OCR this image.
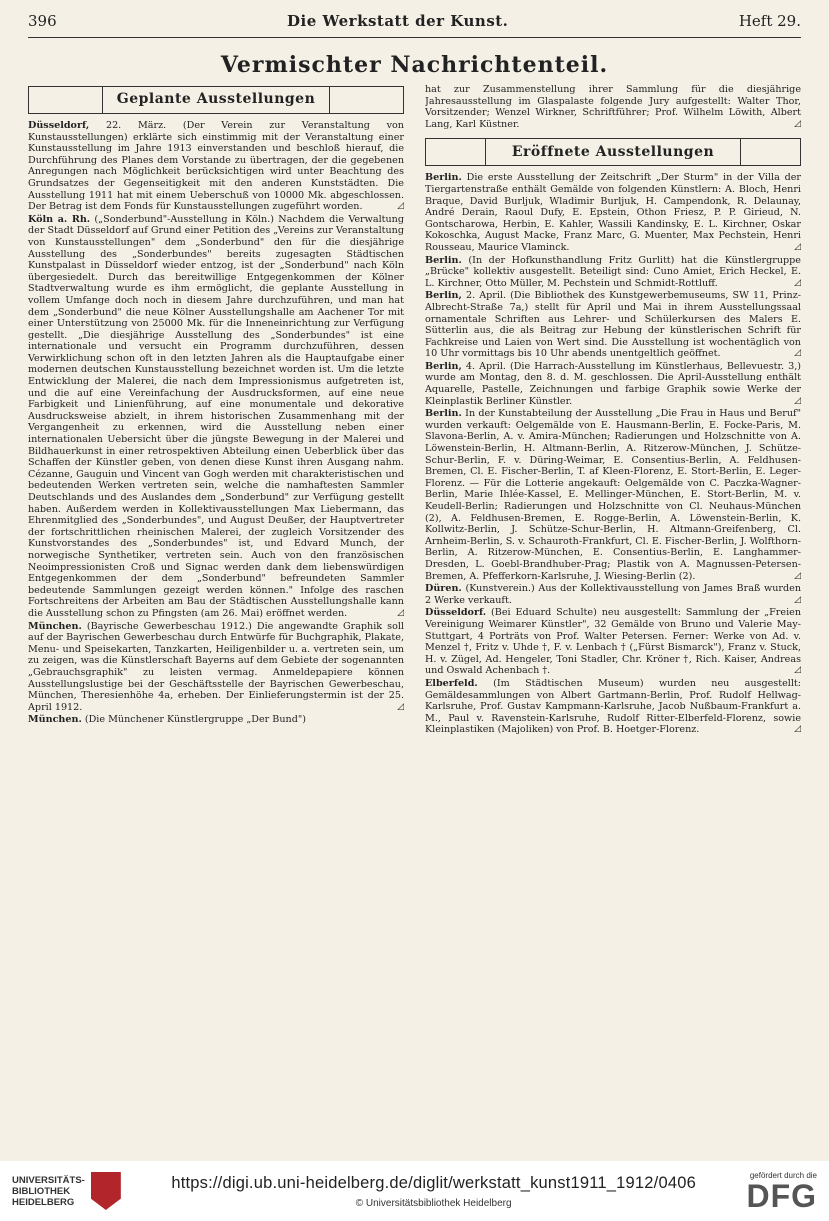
396	Die Werkstatt der Kunst.	Heft 29.
Vermischter Nachrichtenteil.
Geplante Ausstellungen
Düsseldorf, 22. März. (Der Verein zur Veranstaltung von Kunstausstellungen) erklärte sich einstimmig mit der Veranstaltung einer Kunstausstellung im Jahre 1913 einverstanden und beschloß hierauf, die Durchführung des Planes dem Vorstande zu übertragen, der die gegebenen Anregungen nach Möglichkeit berücksichtigen wird unter Beachtung des Grundsatzes der Gegenseitigkeit mit den anderen Kunststädten. Die Ausstellung 1911 hat mit einem Ueberschuß von 10000 Mk. abgeschlossen. Der Betrag ist dem Fonds für Kunstausstellungen zugeführt worden.	◿
Köln a. Rh. („Sonderbund"-Ausstellung in Köln.) Nachdem die Verwaltung der Stadt Düsseldorf auf Grund einer Petition des „Vereins zur Veranstaltung von Kunstausstellungen" dem „Sonderbund" den für die diesjährige Ausstellung des „Sonderbundes" bereits zugesagten Städtischen Kunstpalast in Düsseldorf wieder entzog, ist der „Sonderbund" nach Köln übergesiedelt. Durch das bereitwillige Entgegenkommen der Kölner Stadtverwaltung wurde es ihm ermöglicht, die geplante Ausstellung in vollem Umfange doch noch in diesem Jahre durchzuführen, und man hat dem „Sonderbund" die neue Kölner Ausstellungshalle am Aachener Tor mit einer Unterstützung von 25000 Mk. für die Inneneinrichtung zur Verfügung gestellt. „Die diesjährige Ausstellung des „Sonderbundes" ist eine internationale und versucht ein Programm durchzuführen, dessen Verwirklichung schon oft in den letzten Jahren als die Hauptaufgabe einer modernen deutschen Kunstausstellung bezeichnet worden ist. Um die letzte Entwicklung der Malerei, die nach dem Impressionismus aufgetreten ist, und die auf eine Vereinfachung der Ausdrucksformen, auf eine neue Farbigkeit und Linienführung, auf eine monumentale und dekorative Ausdrucksweise abzielt, in ihrem historischen Zusammenhang mit der Vergangenheit zu erkennen, wird die Ausstellung neben einer internationalen Uebersicht über die jüngste Bewegung in der Malerei und Bildhauerkunst in einer retrospektiven Abteilung einen Ueberblick über das Schaffen der Künstler geben, von denen diese Kunst ihren Ausgang nahm. Cézanne, Gauguin und Vincent van Gogh werden mit charakteristischen und bedeutenden Werken vertreten sein, welche die namhaftesten Sammler Deutschlands und des Auslandes dem „Sonderbund" zur Verfügung gestellt haben. Außerdem werden in Kollektivausstellungen Max Liebermann, das Ehrenmitglied des „Sonderbundes", und August Deußer, der Hauptvertreter der fortschrittlichen rheinischen Malerei, der zugleich Vorsitzender des Kunstvorstandes des „Sonderbundes" ist, und Edvard Munch, der norwegische Synthetiker, vertreten sein. Auch von den französischen Neoimpressionisten Croß und Signac werden dank dem liebenswürdigen Entgegenkommen der dem „Sonderbund" befreundeten Sammler bedeutende Sammlungen gezeigt werden können." Infolge des raschen Fortschreitens der Arbeiten am Bau der Städtischen Ausstellungshalle kann die Ausstellung schon zu Pfingsten (am 26. Mai) eröffnet werden.	◿
München. (Bayrische Gewerbeschau 1912.) Die angewandte Graphik soll auf der Bayrischen Gewerbeschau durch Entwürfe für Buchgraphik, Plakate, Menu- und Speisekarten, Tanzkarten, Heiligenbilder u. a. vertreten sein, um zu zeigen, was die Künstlerschaft Bayerns auf dem Gebiete der sogenannten „Gebrauchsgraphik" zu leisten vermag. Anmeldepapiere können Ausstellungslustige bei der Geschäftsstelle der Bayrischen Gewerbeschau, München, Theresienhöhe 4a, erheben. Der Einlieferungstermin ist der 25. April 1912.	◿
München. (Die Münchener Künstlergruppe „Der Bund")
hat zur Zusammenstellung ihrer Sammlung für die diesjährige Jahresausstellung im Glaspalaste folgende Jury aufgestellt: Walter Thor, Vorsitzender; Wenzel Wirkner, Schriftführer; Prof. Wilhelm Löwith, Albert Lang, Karl Küstner.	◿
Eröffnete Ausstellungen
Berlin. Die erste Ausstellung der Zeitschrift „Der Sturm" in der Villa der Tiergartenstraße enthält Gemälde von folgenden Künstlern: A. Bloch, Henri Braque, David Burljuk, Wladimir Burljuk, H. Campendonk, R. Delaunay, André Derain, Raoul Dufy, E. Epstein, Othon Friesz, P. P. Girieud, N. Gontscharowa, Herbin, E. Kahler, Wassili Kandinsky, E. L. Kirchner, Oskar Kokoschka, August Macke, Franz Marc, G. Muenter, Max Pechstein, Henri Rousseau, Maurice Vlaminck.	◿
Berlin. (In der Hofkunsthandlung Fritz Gurlitt) hat die Künstlergruppe „Brücke" kollektiv ausgestellt. Beteiligt sind: Cuno Amiet, Erich Heckel, E. L. Kirchner, Otto Müller, M. Pechstein und Schmidt-Rottluff.	◿
Berlin, 2. April. (Die Bibliothek des Kunstgewerbemuseums, SW 11, Prinz-Albrecht-Straße 7a,) stellt für April und Mai in ihrem Ausstellungssaal ornamentale Schriften aus Lehrer- und Schülerkursen des Malers E. Sütterlin aus, die als Beitrag zur Hebung der künstlerischen Schrift für Fachkreise und Laien von Wert sind. Die Ausstellung ist wochentäglich von 10 Uhr vormittags bis 10 Uhr abends unentgeltlich geöffnet.	◿
Berlin, 4. April. (Die Harrach-Ausstellung im Künstlerhaus, Bellevuestr. 3,) wurde am Montag, den 8. d. M. geschlossen. Die April-Ausstellung enthält Aquarelle, Pastelle, Zeichnungen und farbige Graphik sowie Werke der Kleinplastik Berliner Künstler.	◿
Berlin. In der Kunstabteilung der Ausstellung „Die Frau in Haus und Beruf" wurden verkauft: Oelgemälde von E. Hausmann-Berlin, E. Focke-Paris, M. Slavona-Berlin, A. v. Amira-München; Radierungen und Holzschnitte von A. Löwenstein-Berlin, H. Altmann-Berlin, A. Ritzerow-München, J. Schütze-Schur-Berlin, F. v. Düring-Weimar, E. Consentius-Berlin, A. Feldhusen-Bremen, Cl. E. Fischer-Berlin, T. af Kleen-Florenz, E. Stort-Berlin, E. Leger-Florenz. — Für die Lotterie angekauft: Oelgemälde von C. Paczka-Wagner-Berlin, Marie Ihlée-Kassel, E. Mellinger-München, E. Stort-Berlin, M. v. Keudell-Berlin; Radierungen und Holzschnitte von Cl. Neuhaus-München (2), A. Feldhusen-Bremen, E. Rogge-Berlin, A. Löwenstein-Berlin, K. Kollwitz-Berlin, J. Schütze-Schur-Berlin, H. Altmann-Greifenberg, Cl. Arnheim-Berlin, S. v. Schauroth-Frankfurt, Cl. E. Fischer-Berlin, J. Wolfthorn-Berlin, A. Ritzerow-München, E. Consentius-Berlin, E. Langhammer-Dresden, L. Goebl-Brandhuber-Prag; Plastik von A. Magnussen-Petersen-Bremen, A. Pfefferkorn-Karlsruhe, J. Wiesing-Berlin (2).	◿
Düren. (Kunstverein.) Aus der Kollektivausstellung von James Braß wurden 2 Werke verkauft.	◿
Düsseldorf. (Bei Eduard Schulte) neu ausgestellt: Sammlung der „Freien Vereinigung Weimarer Künstler", 32 Gemälde von Bruno und Valerie May-Stuttgart, 4 Porträts von Prof. Walter Petersen. Ferner: Werke von Ad. v. Menzel †, Fritz v. Uhde †, F. v. Lenbach † („Fürst Bismarck"), Franz v. Stuck, H. v. Zügel, Ad. Hengeler, Toni Stadler, Chr. Kröner †, Rich. Kaiser, Andreas und Oswald Achenbach †.	◿
Elberfeld. (Im Städtischen Museum) wurden neu ausgestellt: Gemäldesammlungen von Albert Gartmann-Berlin, Prof. Rudolf Hellwag-Karlsruhe, Prof. Gustav Kampmann-Karlsruhe, Jacob Nußbaum-Frankfurt a. M., Paul v. Ravenstein-Karlsruhe, Rudolf Ritter-Elberfeld-Florenz, sowie Kleinplastiken (Majoliken) von Prof. B. Hoetger-Florenz.	◿
UNIVERSITÄTS-
BIBLIOTHEK
HEIDELBERG
https://digi.ub.uni-heidelberg.de/diglit/werkstatt_kunst1911_1912/0406
© Universitätsbibliothek Heidelberg
gefördert durch die
DFG
